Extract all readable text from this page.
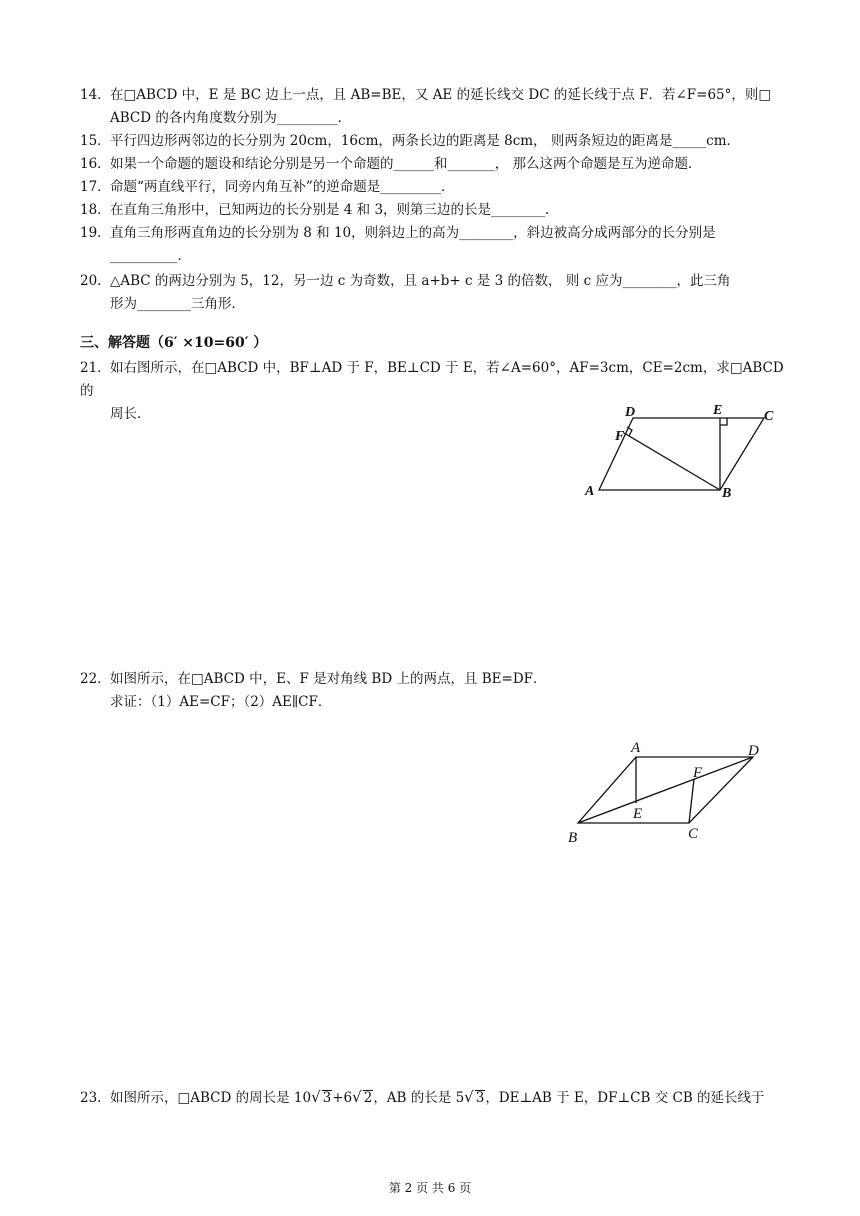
14．在□ABCD 中，E 是 BC 边上一点，且 AB=BE，又 AE 的延长线交 DC 的延长线于点 F．若∠F=65°，则□
ABCD 的各内角度数分别为_________．
15．平行四边形两邻边的长分别为 20cm，16cm，两条长边的距离是 8cm， 则两条短边的距离是_____cm．
16．如果一个命题的题设和结论分别是另一个命题的______和_______， 那么这两个命题是互为逆命题．
17．命题“两直线平行，同旁内角互补”的逆命题是_________．
18．在直角三角形中，已知两边的长分别是 4 和 3，则第三边的长是________．
19．直角三角形两直角边的长分别为 8 和 10，则斜边上的高为________，斜边被高分成两部分的长分别是
__________．
20．△ABC 的两边分别为 5，12，另一边 c 为奇数，且 a+b+ c 是 3 的倍数， 则 c 应为________，此三角
形为________三角形．
三、解答题（6′ ×10=60′ ）
21．如右图所示，在□ABCD 中，BF⊥AD 于 F，BE⊥CD 于 E，若∠A=60°，AF=3cm，CE=2cm，求□ABCD 的
周长．	D	E	C
F
A	B
22．如图所示，在□ABCD 中，E、F 是对角线 BD 上的两点，且 BE=DF．
求证：（1）AE=CF；（2）AE∥CF．
A	D
F
E
B	C
23．如图所示，□ABCD 的周长是 10√ 3+6√ 2，AB 的长是 5√ 3，DE⊥AB 于 E，DF⊥CB 交 CB 的延长线于
第 2 页 共 6 页
